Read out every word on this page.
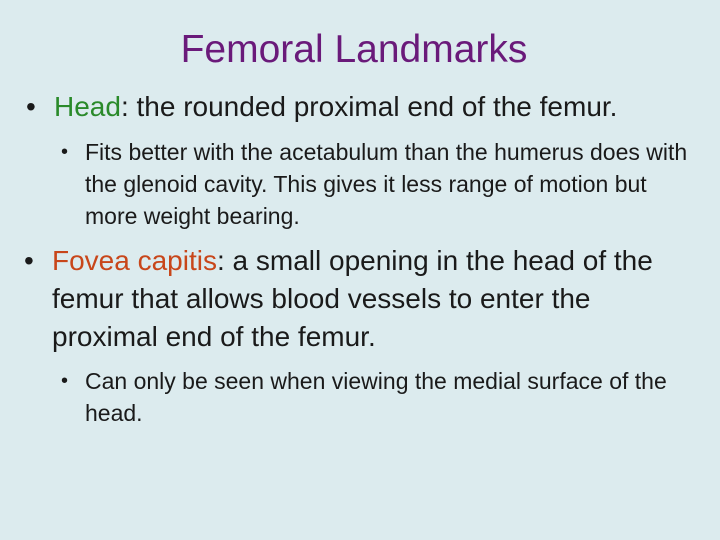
Femoral Landmarks
• Head: the rounded proximal end of the femur.
• Fits better with the acetabulum than the humerus does with the glenoid cavity. This gives it less range of motion but more weight bearing.
• Fovea capitis: a small opening in the head of the femur that allows blood vessels to enter the proximal end of the femur.
• Can only be seen when viewing the medial surface of the head.
